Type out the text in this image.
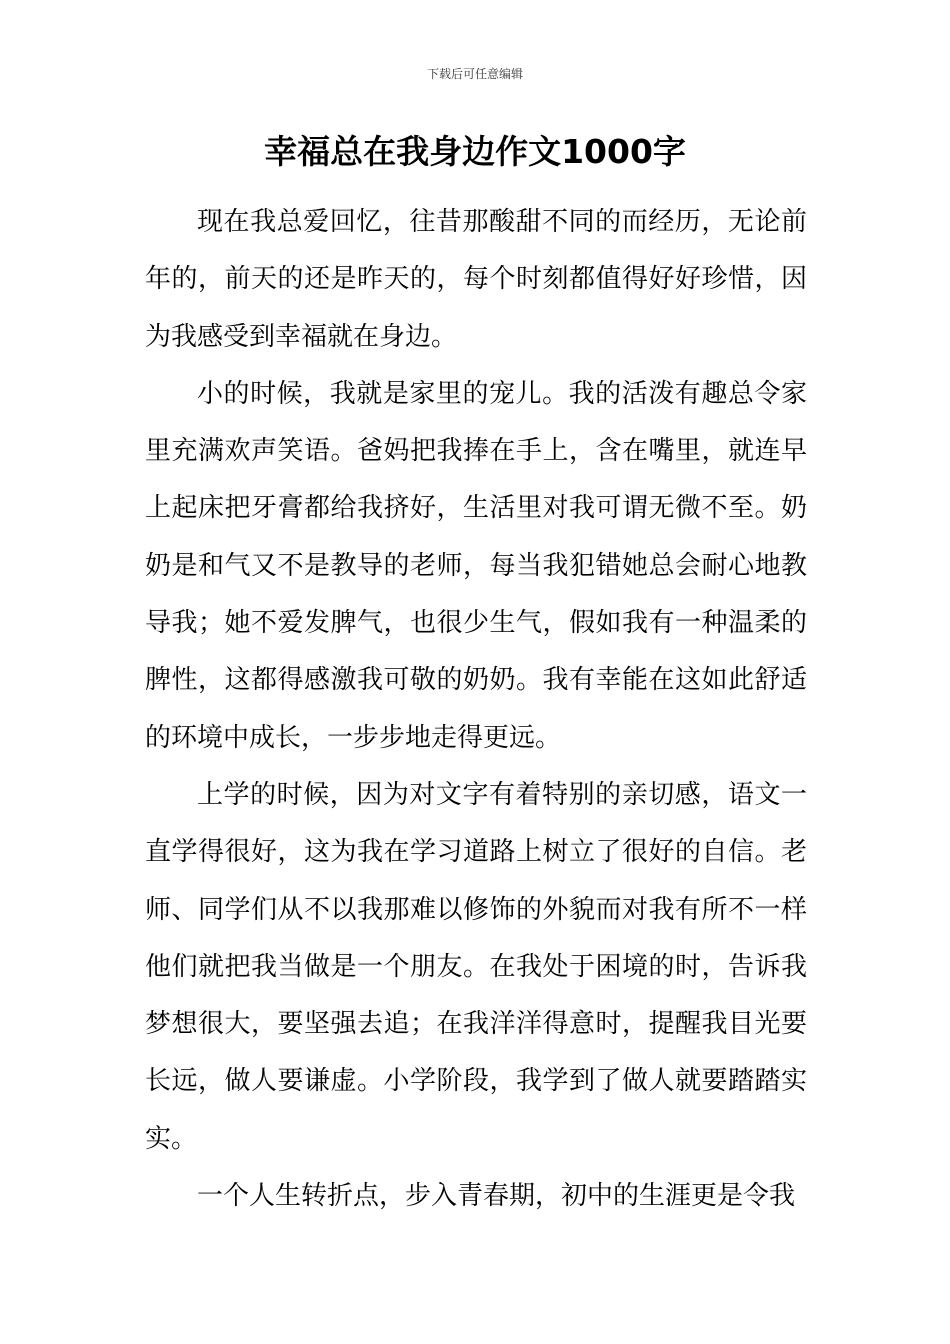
下载后可任意编辑
幸福总在我身边作文1000字

现在我总爱回忆，往昔那酸甜不同的而经历，无论前年的，前天的还是昨天的，每个时刻都值得好好珍惜，因为我感受到幸福就在身边。

小的时候，我就是家里的宠儿。我的活泼有趣总令家里充满欢声笑语。爸妈把我捧在手上，含在嘴里，就连早上起床把牙膏都给我挤好，生活里对我可谓无微不至。奶奶是和气又不是教导的老师，每当我犯错她总会耐心地教导我；她不爱发脾气，也很少生气，假如我有一种温柔的脾性，这都得感激我可敬的奶奶。我有幸能在这如此舒适的环境中成长，一步步地走得更远。

上学的时候，因为对文字有着特别的亲切感，语文一直学得很好，这为我在学习道路上树立了很好的自信。老师、同学们从不以我那难以修饰的外貌而对我有所不一样他们就把我当做是一个朋友。在我处于困境的时，告诉我梦想很大，要坚强去追；在我洋洋得意时，提醒我目光要长远，做人要谦虚。小学阶段，我学到了做人就要踏踏实实。

一个人生转折点，步入青春期，初中的生涯更是令我
